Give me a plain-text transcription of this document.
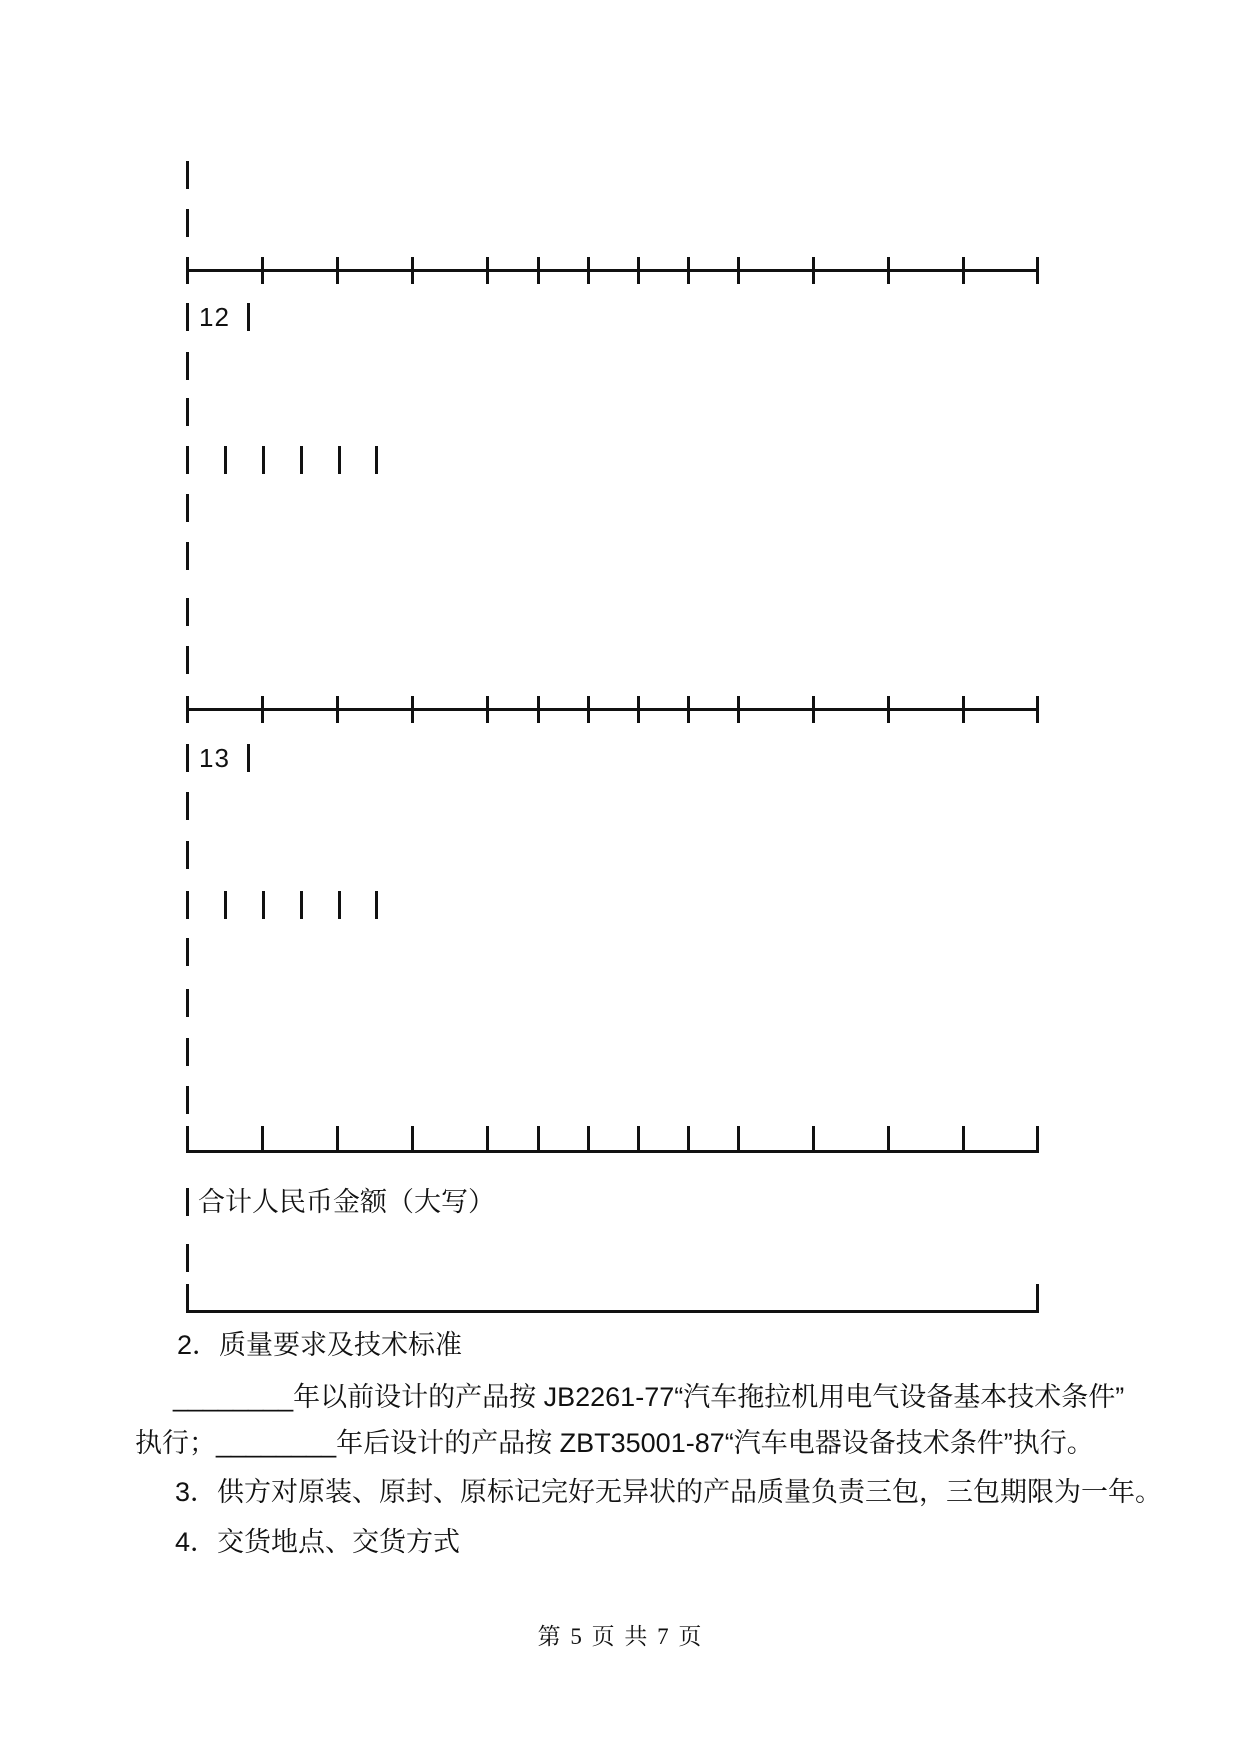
12
13
合计人民币金额（大写）
2．质量要求及技术标准
________年以前设计的产品按 JB2261-77“汽车拖拉机用电气设备基本技术条件”
执行；________年后设计的产品按 ZBT35001-87“汽车电器设备技术条件”执行。
3．供方对原装、原封、原标记完好无异状的产品质量负责三包，三包期限为一年。
4．交货地点、交货方式
第 5 页 共 7 页
